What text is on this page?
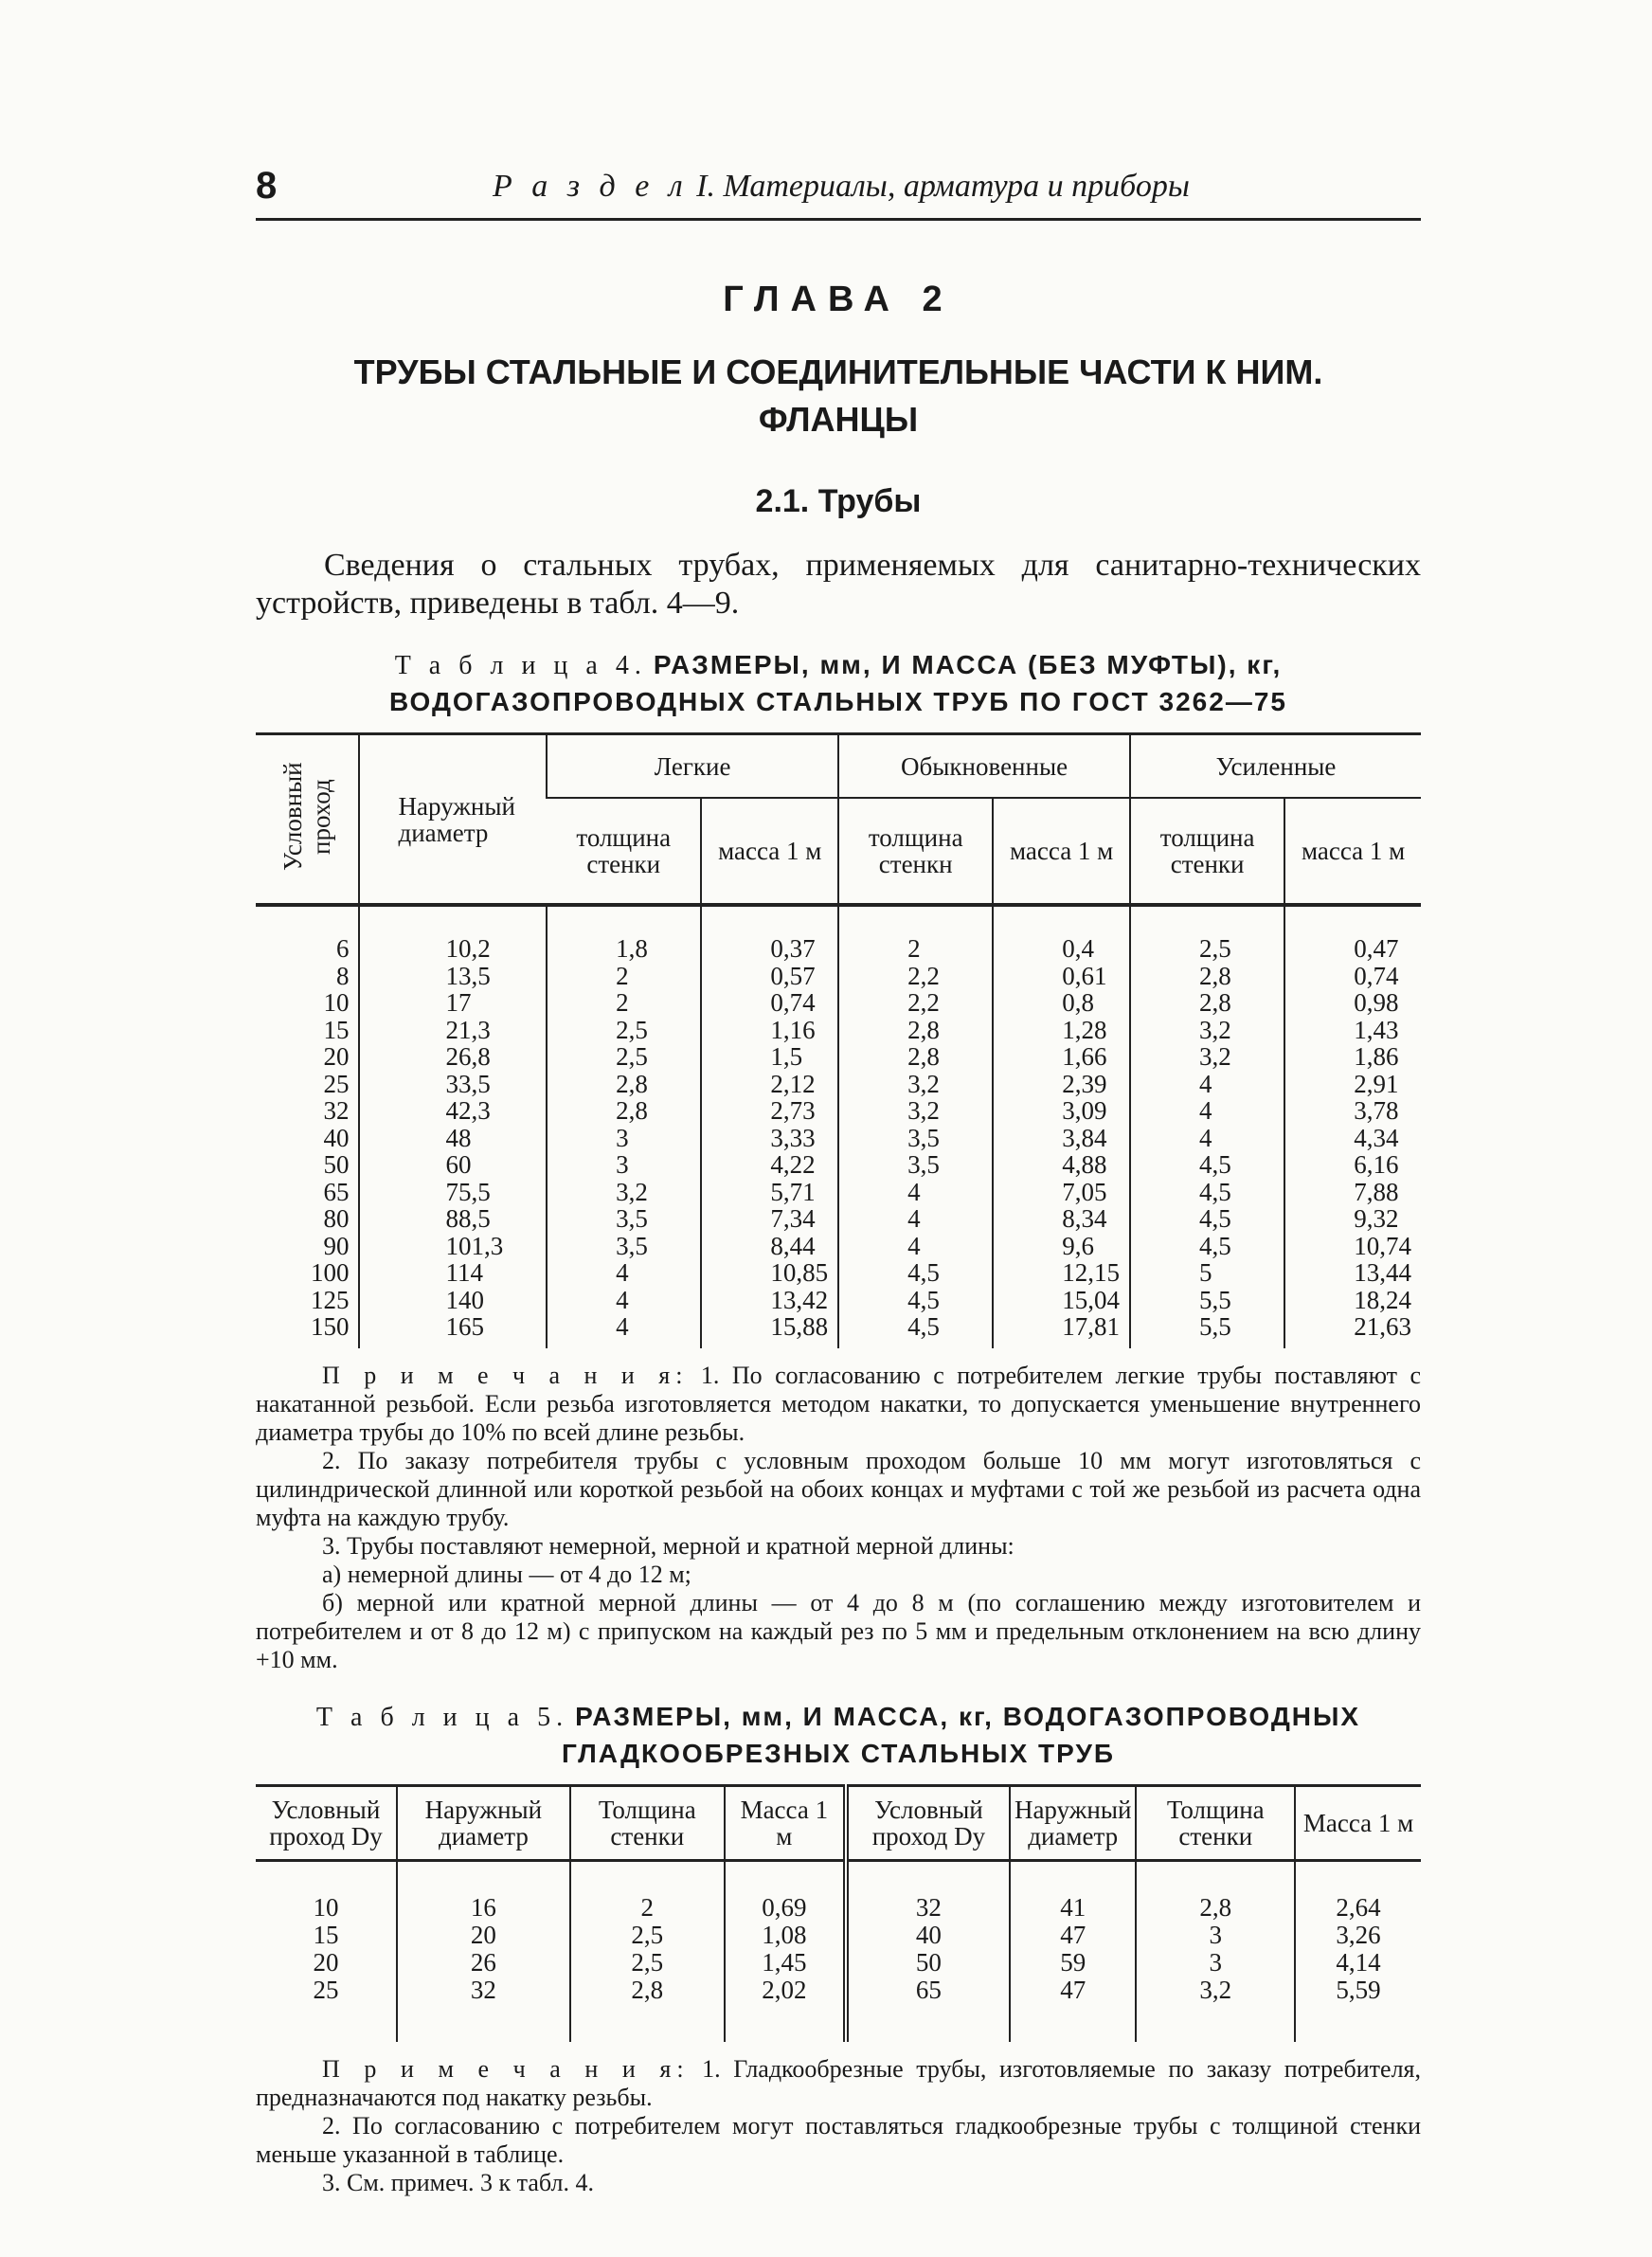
8	Р а з д е л I. Материалы, арматура и приборы
ГЛАВА 2
ТРУБЫ СТАЛЬНЫЕ И СОЕДИНИТЕЛЬНЫЕ ЧАСТИ К НИМ.
ФЛАНЦЫ
2.1. Трубы

Сведения о стальных трубах, применяемых для санитарно-технических устройств, приведены в табл. 4—9.

Т а б л и ц а 4. РАЗМЕРЫ, мм, И МАССА (БЕЗ МУФТЫ), кг,
ВОДОГАЗОПРОВОДНЫХ СТАЛЬНЫХ ТРУБ ПО ГОСТ 3262—75
Условный проход	Наружный диаметр	Легкие		Обыкновенные		Усиленные	
		толщина стенки	масса 1 м	толщина стенкн	масса 1 м	толщина стенки	масса 1 м
6	10,2	1,8	0,37	2	0,4	2,5	0,47
8	13,5	2	0,57	2,2	0,61	2,8	0,74
10	17	2	0,74	2,2	0,8	2,8	0,98
15	21,3	2,5	1,16	2,8	1,28	3,2	1,43
20	26,8	2,5	1,5	2,8	1,66	3,2	1,86
25	33,5	2,8	2,12	3,2	2,39	4	2,91
32	42,3	2,8	2,73	3,2	3,09	4	3,78
40	48	3	3,33	3,5	3,84	4	4,34
50	60	3	4,22	3,5	4,88	4,5	6,16
65	75,5	3,2	5,71	4	7,05	4,5	7,88
80	88,5	3,5	7,34	4	8,34	4,5	9,32
90	101,3	3,5	8,44	4	9,6	4,5	10,74
100	114	4	10,85	4,5	12,15	5	13,44
125	140	4	13,42	4,5	15,04	5,5	18,24
150	165	4	15,88	4,5	17,81	5,5	21,63

П р и м е ч а н и я: 1. По согласованию с потребителем легкие трубы поставляют с накатанной резьбой. Если резьба изготовляется методом накатки, то допускается уменьшение внутреннего диаметра трубы до 10% по всей длине резьбы.

2. По заказу потребителя трубы с условным проходом больше 10 мм могут изготовляться с цилиндрической длинной или короткой резьбой на обоих концах и муфтами с той же резьбой из расчета одна муфта на каждую трубу.

3. Трубы поставляют немерной, мерной и кратной мерной длины:

а) немерной длины — от 4 до 12 м;

б) мерной или кратной мерной длины — от 4 до 8 м (по соглашению между изготовителем и потребителем и от 8 до 12 м) с припуском на каждый рез по 5 мм и предельным отклонением на всю длину +10 мм.

Т а б л и ц а 5. РАЗМЕРЫ, мм, И МАССА, кг, ВОДОГАЗОПРОВОДНЫХ
ГЛАДКООБРЕЗНЫХ СТАЛЬНЫХ ТРУБ
Условный проход Dу	Наружный диаметр	Толщина стенки	Масса 1 м	Условный проход Dу	Наружный диаметр	Толщина стенки	Масса 1 м
10	16	2	0,69	32	41	2,8	2,64
15	20	2,5	1,08	40	47	3	3,26
20	26	2,5	1,45	50	59	3	4,14
25	32	2,8	2,02	65	47	3,2	5,59

П р и м е ч а н и я: 1. Гладкообрезные трубы, изготовляемые по заказу потребителя, предназначаются под накатку резьбы.

2. По согласованию с потребителем могут поставляться гладкообрезные трубы с толщиной стенки меньше указанной в таблице.

3. См. примеч. 3 к табл. 4.
